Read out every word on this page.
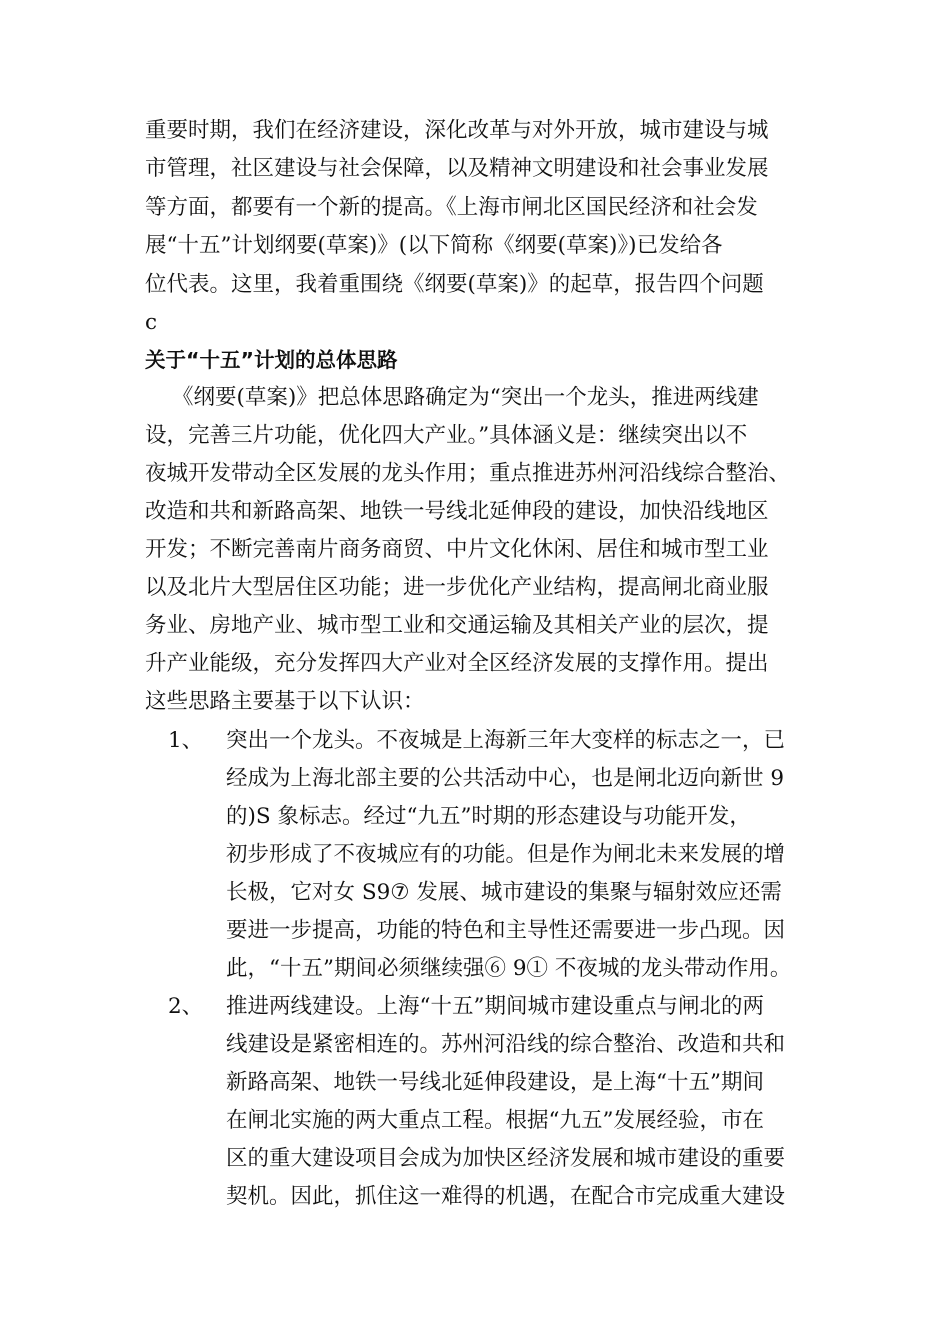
重要时期，我们在经济建设，深化改革与对外开放，城市建设与城
市管理，社区建设与社会保障，以及精神文明建设和社会事业发展
等方面，都要有一个新的提高。《上海市闸北区国民经济和社会发
展“十五”计划纲要(草案)》(以下简称《纲要(草案)》)已发给各
位代表。这里，我着重围绕《纲要(草案)》的起草，报告四个问题
c
关于“十五”计划的总体思路
《纲要(草案)》把总体思路确定为“突出一个龙头，推进两线建
设，完善三片功能，优化四大产业。”具体涵义是：继续突出以不
夜城开发带动全区发展的龙头作用；重点推进苏州河沿线综合整治、
改造和共和新路高架、地铁一号线北延伸段的建设，加快沿线地区
开发；不断完善南片商务商贸、中片文化休闲、居住和城市型工业
以及北片大型居住区功能；进一步优化产业结构，提高闸北商业服
务业、房地产业、城市型工业和交通运输及其相关产业的层次，提
升产业能级，充分发挥四大产业对全区经济发展的支撑作用。提出
这些思路主要基于以下认识：
1、 突出一个龙头。不夜城是上海新三年大变样的标志之一，已
经成为上海北部主要的公共活动中心，也是闸北迈向新世 9
的)S 象标志。经过“九五”时期的形态建设与功能开发，
初步形成了不夜城应有的功能。但是作为闸北未来发展的增
长极，它对女 S9⑦ 发展、城市建设的集聚与辐射效应还需
要进一步提高，功能的特色和主导性还需要进一步凸现。因
此，“十五”期间必须继续强⑥ 9① 不夜城的龙头带动作用。
2、 推进两线建设。上海“十五”期间城市建设重点与闸北的两
线建设是紧密相连的。苏州河沿线的综合整治、改造和共和
新路高架、地铁一号线北延伸段建设，是上海“十五”期间
在闸北实施的两大重点工程。根据“九五”发展经验，市在
区的重大建设项目会成为加快区经济发展和城市建设的重要
契机。因此，抓住这一难得的机遇，在配合市完成重大建设
